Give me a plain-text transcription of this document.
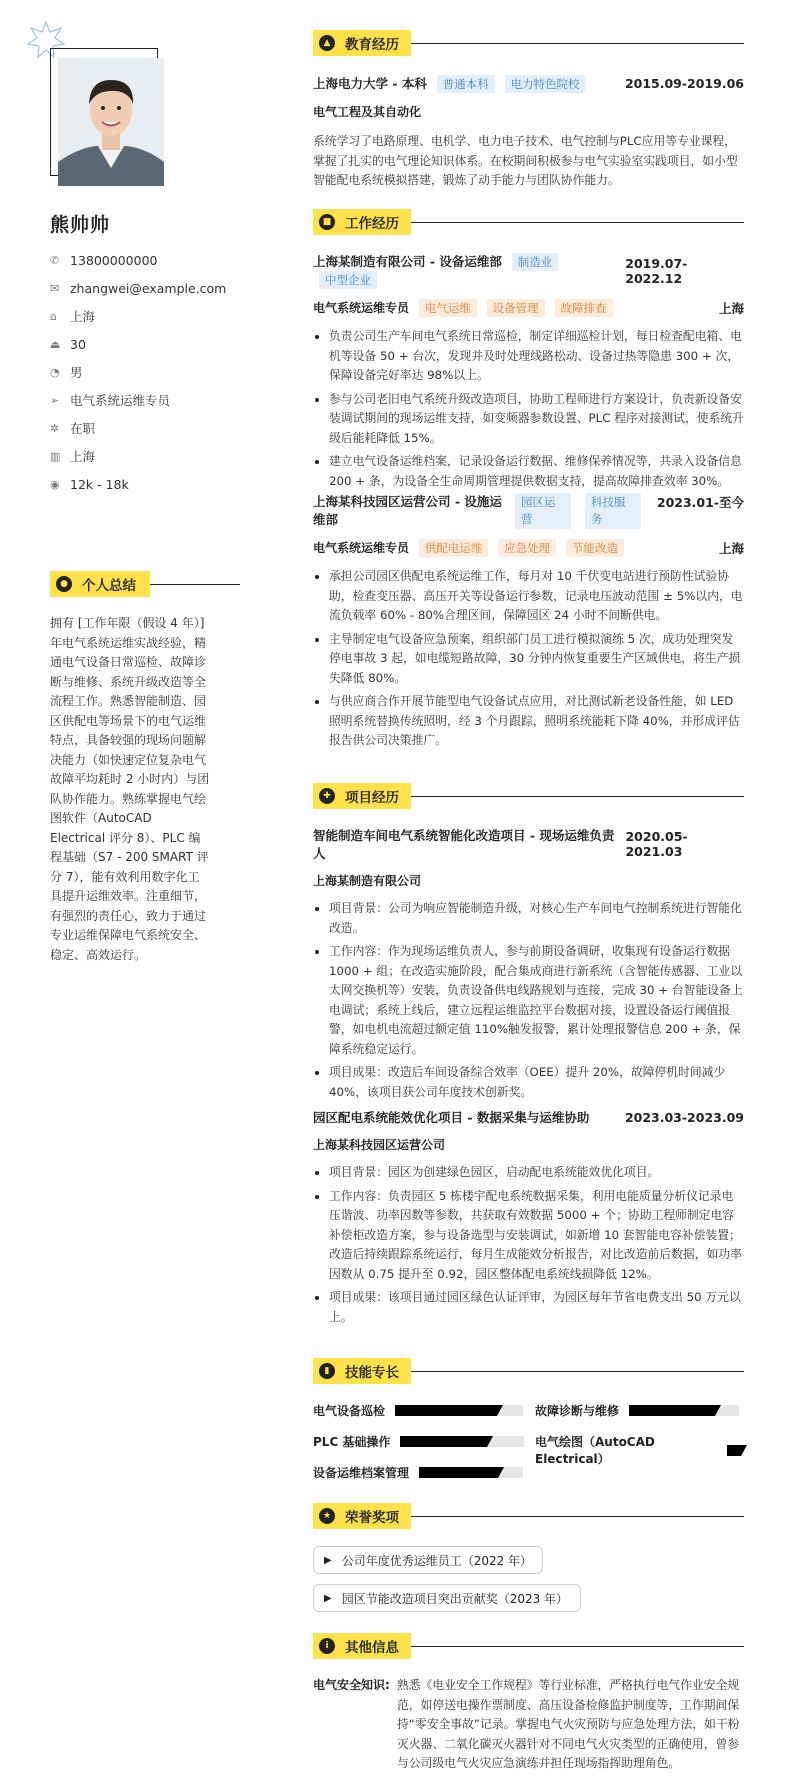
熊帅帅
✆ 13800000000
✉ zhangwei@example.com
⌂	上海
⏏ 30
◔ 男
➢ 电气系统运维专员
✲ 在职
▥ 上海
◉ 12k - 18k
●	个人总结
拥有 [工作年限（假设 4 年）] 年电气系统运维实战经验，精通电气设备日常巡检、故障诊断与维修、系统升级改造等全流程工作。熟悉智能制造、园区供配电等场景下的电气运维特点，具备较强的现场问题解决能力（如快速定位复杂电气故障平均耗时 2 小时内）与团队协作能力。熟练掌握电气绘图软件（AutoCAD Electrical 评分 8）、PLC 编程基础（S7 - 200 SMART 评分 7），能有效利用数字化工具提升运维效率。注重细节，有强烈的责任心，致力于通过专业运维保障电气系统安全、稳定、高效运行。
▲	教育经历
上海电力大学 - 本科 普通本科 电力特色院校	2015.09-2019.06
电气工程及其自动化
系统学习了电路原理、电机学、电力电子技术、电气控制与PLC应用等专业课程，掌握了扎实的电气理论知识体系。在校期间积极参与电气实验室实践项目，如小型智能配电系统模拟搭建，锻炼了动手能力与团队协作能力。
■ 工作经历
上海某制造有限公司 - 设备运维部 制造业 中型企业
2019.07-2022.12
电气系统运维专员 电气运维 设备管理 故障排查	上海
负责公司生产车间电气系统日常巡检，制定详细巡检计划，每日检查配电箱、电机等设备 50 + 台次，发现并及时处理线路松动、设备过热等隐患 300 + 次，保障设备完好率达 98%以上。
参与公司老旧电气系统升级改造项目，协助工程师进行方案设计，负责新设备安装调试期间的现场运维支持，如变频器参数设置、PLC 程序对接测试，使系统升级后能耗降低 15%。
建立电气设备运维档案，记录设备运行数据、维修保养情况等，共录入设备信息 200 + 条，为设备全生命周期管理提供数据支持，提高故障排查效率 30%。
上海某科技园区运营公司 - 设施运维部
园区运营
科技服务
2023.01-至今
电气系统运维专员 供配电运维 应急处理 节能改造	上海
承担公司园区供配电系统运维工作，每月对 10 千伏变电站进行预防性试验协助，检查变压器、高压开关等设备运行参数，记录电压波动范围 ± 5%以内，电流负载率 60% - 80%合理区间，保障园区 24 小时不间断供电。
主导制定电气设备应急预案，组织部门员工进行模拟演练 5 次，成功处理突发停电事故 3 起，如电缆短路故障，30 分钟内恢复重要生产区域供电，将生产损失降低 80%。
与供应商合作开展节能型电气设备试点应用，对比测试新老设备性能，如 LED 照明系统替换传统照明，经 3 个月跟踪，照明系统能耗下降 40%，并形成评估报告供公司决策推广。
✚	项目经历
智能制造车间电气系统智能化改造项目 - 现场运维负责人
2020.05-2021.03
上海某制造有限公司
项目背景：公司为响应智能制造升级，对核心生产车间电气控制系统进行智能化改造。
工作内容：作为现场运维负责人，参与前期设备调研，收集现有设备运行数据 1000 + 组；在改造实施阶段，配合集成商进行新系统（含智能传感器、工业以太网交换机等）安装，负责设备供电线路规划与连接，完成 30 + 台智能设备上电调试；系统上线后，建立远程运维监控平台数据对接，设置设备运行阈值报警，如电机电流超过额定值 110%触发报警，累计处理报警信息 200 + 条，保障系统稳定运行。
项目成果：改造后车间设备综合效率（OEE）提升 20%，故障停机时间减少 40%，该项目获公司年度技术创新奖。
园区配电系统能效优化项目 - 数据采集与运维协助	2023.03-2023.09
上海某科技园区运营公司
项目背景：园区为创建绿色园区，启动配电系统能效优化项目。
工作内容：负责园区 5 栋楼宇配电系统数据采集，利用电能质量分析仪记录电压谐波、功率因数等参数，共获取有效数据 5000 + 个；协助工程师制定电容补偿柜改造方案，参与设备选型与安装调试，如新增 10 套智能电容补偿装置；改造后持续跟踪系统运行，每月生成能效分析报告，对比改造前后数据，如功率因数从 0.75 提升至 0.92，园区整体配电系统线损降低 12%。
项目成果：该项目通过园区绿色认证评审，为园区每年节省电费支出 50 万元以上。
▮	技能专长
电气设备巡检	故障诊断与维修
PLC 基础操作	电气绘图（AutoCAD Electrical）
设备运维档案管理
★ 荣誉奖项
▶ 公司年度优秀运维员工（2022 年）
▶ 园区节能改造项目突出贡献奖（2023 年）
ⅰ	其他信息
电气安全知识: 熟悉《电业安全工作规程》等行业标准，严格执行电气作业安全规范，如停送电操作票制度、高压设备检修监护制度等，工作期间保持“零安全事故”记录。掌握电气火灾预防与应急处理方法，如干粉灭火器、二氧化碳灭火器针对不同电气火灾类型的正确使用，曾参与公司级电气火灾应急演练并担任现场指挥助理角色。
